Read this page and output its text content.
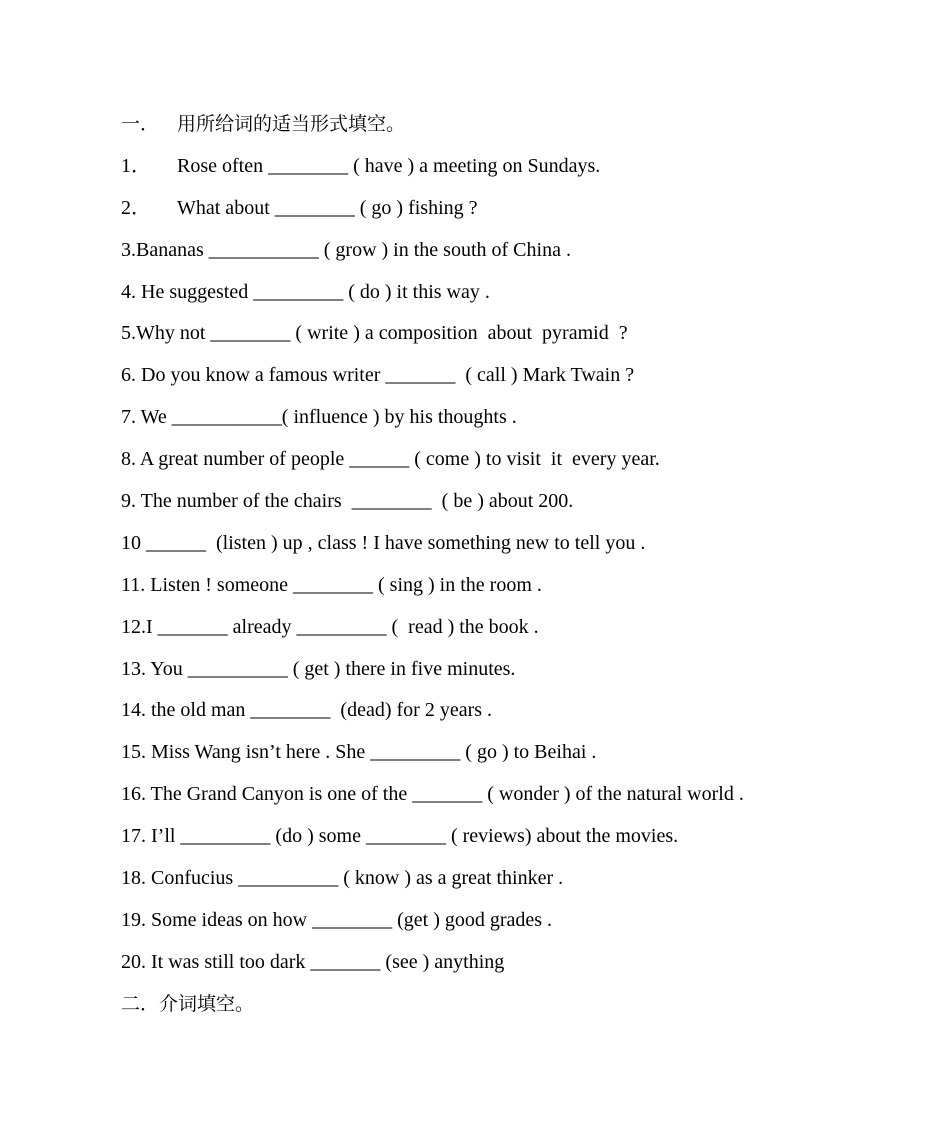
一． 用所给词的适当形式填空。
1． Rose often ________ ( have ) a meeting on Sundays.
2． What about ________ ( go ) fishing ?
3.Bananas ___________ ( grow ) in the south of China .
4. He suggested _________ ( do ) it this way .
5.Why not ________ ( write ) a composition  about  pyramid  ?
6. Do you know a famous writer _______  ( call ) Mark Twain ?
7. We ___________( influence ) by his thoughts .
8. A great number of people ______ ( come ) to visit  it  every year.
9. The number of the chairs  ________  ( be ) about 200.
10 ______  (listen ) up , class ! I have something new to tell you .
11. Listen ! someone ________ ( sing ) in the room .
12.I _______ already _________ (  read ) the book .
13. You __________ ( get ) there in five minutes.
14. the old man ________  (dead) for 2 years .
15. Miss Wang isn’t here . She _________ ( go ) to Beihai .
16. The Grand Canyon is one of the _______ ( wonder ) of the natural world .
17. I’ll _________ (do ) some ________ ( reviews) about the movies.
18. Confucius __________ ( know ) as a great thinker .
19. Some ideas on how ________ (get ) good grades .
20. It was still too dark _______ (see ) anything
二．介词填空。
